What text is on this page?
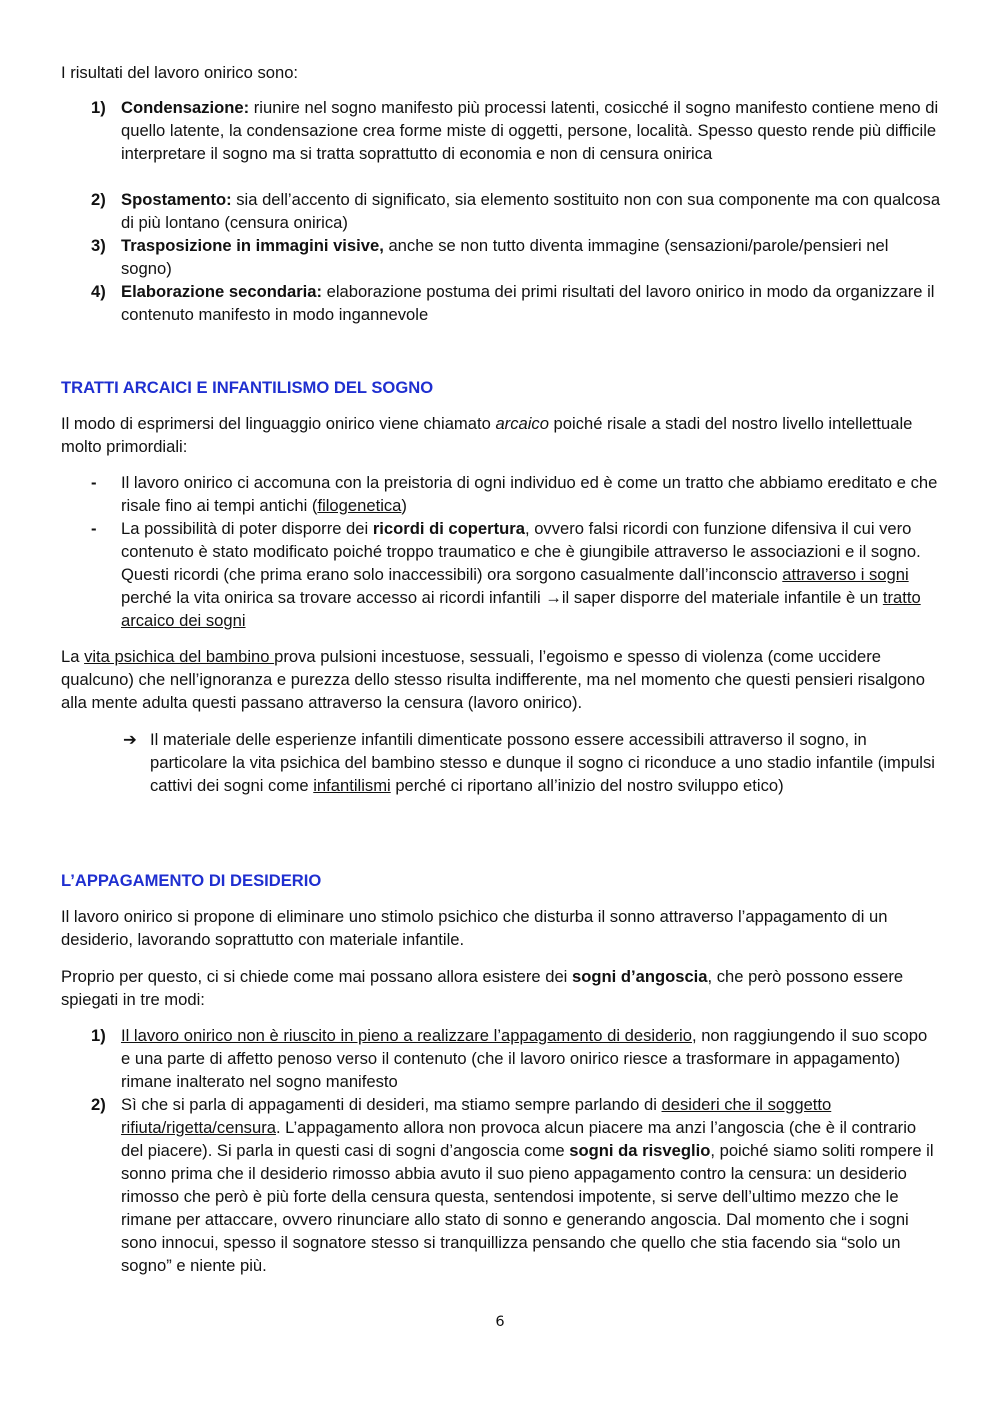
I risultati del lavoro onirico sono:

1) Condensazione: riunire nel sogno manifesto più processi latenti, cosicché il sogno manifesto contiene meno di quello latente, la condensazione crea forme miste di oggetti, persone, località. Spesso questo rende più difficile interpretare il sogno ma si tratta soprattutto di economia e non di censura onirica
2) Spostamento: sia dell’accento di significato, sia elemento sostituito non con sua componente ma con qualcosa di più lontano (censura onirica)
3) Trasposizione in immagini visive, anche se non tutto diventa immagine (sensazioni/parole/pensieri nel sogno)
4) Elaborazione secondaria: elaborazione postuma dei primi risultati del lavoro onirico in modo da organizzare il contenuto manifesto in modo ingannevole
TRATTI ARCAICI E INFANTILISMO DEL SOGNO
Il modo di esprimersi del linguaggio onirico viene chiamato arcaico poiché risale a stadi del nostro livello intellettuale molto primordiali:
-	Il lavoro onirico ci accomuna con la preistoria di ogni individuo ed è come un tratto che abbiamo ereditato e che risale fino ai tempi antichi (filogenetica)
-	La possibilità di poter disporre dei ricordi di copertura, ovvero falsi ricordi con funzione difensiva il cui vero contenuto è stato modificato poiché troppo traumatico e che è giungibile attraverso le associazioni e il sogno. Questi ricordi (che prima erano solo inaccessibili) ora sorgono casualmente dall’inconscio attraverso i sogni perché la vita onirica sa trovare accesso ai ricordi infantili →il saper disporre del materiale infantile è un tratto arcaico dei sogni
La vita psichica del bambino prova pulsioni incestuose, sessuali, l’egoismo e spesso di violenza (come uccidere qualcuno) che nell’ignoranza e purezza dello stesso risulta indifferente, ma nel momento che questi pensieri risalgono alla mente adulta questi passano attraverso la censura (lavoro onirico).
➔ Il materiale delle esperienze infantili dimenticate possono essere accessibili attraverso il sogno, in particolare la vita psichica del bambino stesso e dunque il sogno ci riconduce a uno stadio infantile (impulsi cattivi dei sogni come infantilismi perché ci riportano all’inizio del nostro sviluppo etico)
L’APPAGAMENTO DI DESIDERIO
Il lavoro onirico si propone di eliminare uno stimolo psichico che disturba il sonno attraverso l’appagamento di un desiderio, lavorando soprattutto con materiale infantile.
Proprio per questo, ci si chiede come mai possano allora esistere dei sogni d’angoscia, che però possono essere spiegati in tre modi:
1) Il lavoro onirico non è riuscito in pieno a realizzare l’appagamento di desiderio, non raggiungendo il suo scopo e una parte di affetto penoso verso il contenuto (che il lavoro onirico riesce a trasformare in appagamento) rimane inalterato nel sogno manifesto
2) Sì che si parla di appagamenti di desideri, ma stiamo sempre parlando di desideri che il soggetto rifiuta/rigetta/censura. L’appagamento allora non provoca alcun piacere ma anzi l’angoscia (che è il contrario del piacere). Si parla in questi casi di sogni d’angoscia come sogni da risveglio, poiché siamo soliti rompere il sonno prima che il desiderio rimosso abbia avuto il suo pieno appagamento contro la censura: un desiderio rimosso che però è più forte della censura questa, sentendosi impotente, si serve dell’ultimo mezzo che le rimane per attaccare, ovvero rinunciare allo stato di sonno e generando angoscia. Dal momento che i sogni sono innocui, spesso il sognatore stesso si tranquillizza pensando che quello che stia facendo sia “solo un sogno” e niente più.
6
